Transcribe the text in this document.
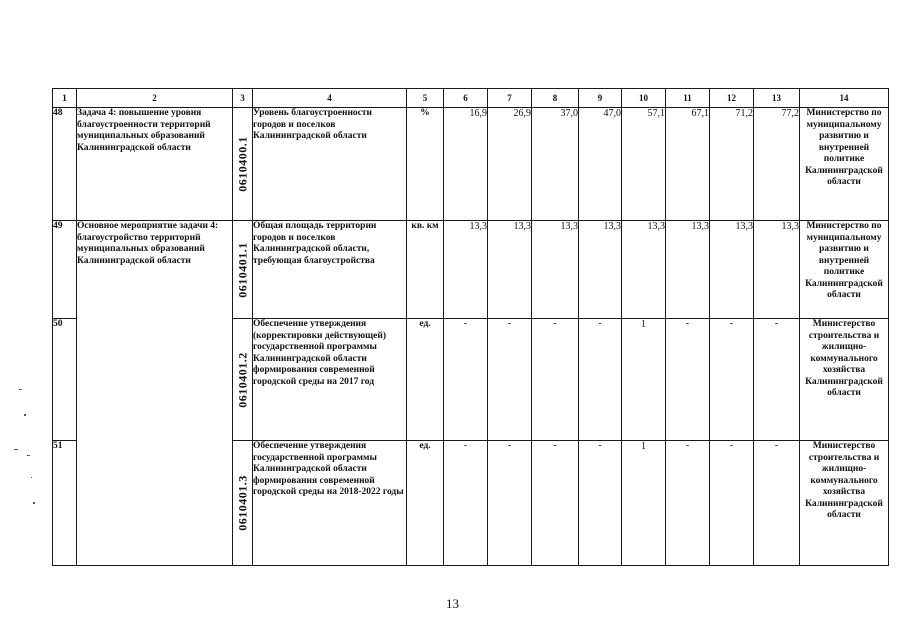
1	2	3	4	5	6	7	8	9	10	11	12	13	14
48	Задача 4: повышение уровня благоустроенности территорий муниципальных образований Калининградской области	0610400.1	Уровень благоустроенности городов и поселков Калининградской области	%	16,9	26,9	37,0	47,0	57,1	67,1	71,2	77,2	Министерство по муниципальному развитию и внутренней политике Калининградской области
49	Основное мероприятие задачи 4: благоустройство территорий муниципальных образований Калининградской области	0610401.1	Общая площадь территории городов и поселков Калининградской области, требующая благоустройства	кв. км	13,3	13,3	13,3	13,3	13,3	13,3	13,3	13,3	Министерство по муниципальному развитию и внутренней политике Калининградской области
50		0610401.2	Обеспечение утверждения (корректировки действующей) государственной программы Калининградской области формирования современной городской среды на 2017 год	ед.	-	-	-	-	1	-	-	-	Министерство строительства и жилищно-коммунального хозяйства Калининградской области
51		0610401.3	Обеспечение утверждения государственной программы Калининградской области формирования современной городской среды на 2018-2022 годы	ед.	-	-	-	-	1	-	-	-	Министерство строительства и жилищно-коммунального хозяйства Калининградской области
13
